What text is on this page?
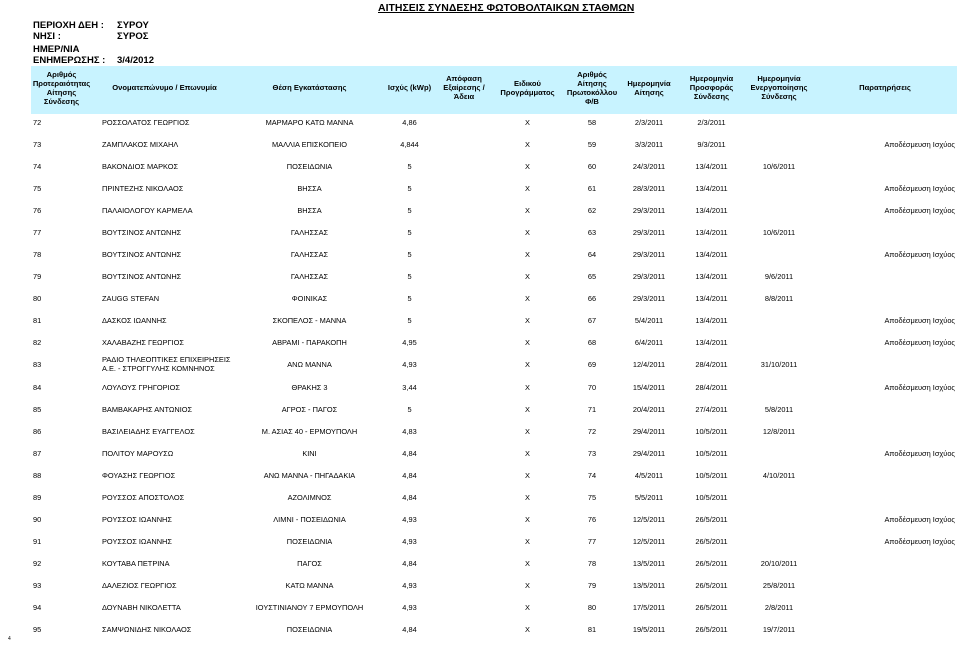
ΑΙΤΗΣΕΙΣ ΣΥΝΔΕΣΗΣ ΦΩΤΟΒΟΛΤΑΙΚΩΝ ΣΤΑΘΜΩΝ
ΠΕΡΙΟΧΗ ΔΕΗ : ΣΥΡΟΥ
ΝΗΣΙ :	ΣΥΡΟΣ
ΗΜΕΡ/ΝΙΑ
ΕΝΗΜΕΡΩΣΗΣ : 3/4/2012
Αριθμός Προτεραιότητας Αίτησης Σύνδεσης	Ονοματεπώνυμο / Επωνυμία	Θέση Εγκατάστασης	Ισχύς (kWp)	Απόφαση Εξαίρεσης / Άδεια	Ειδικού Προγράμματος	Αριθμός Αίτησης Πρωτοκόλλου Φ/Β	Ημερομηνία Αίτησης	Ημερομηνία Προσφοράς Σύνδεσης	Ημερομηνία Ενεργοποίησης Σύνδεσης	Παρατηρήσεις

72	ΡΟΣΣΟΛΑΤΟΣ ΓΕΩΡΓΙΟΣ	ΜΑΡΜΑΡΟ ΚΑΤΩ ΜΑΝΝΑ	4,86		Χ	58	2/3/2011	2/3/2011		

73	ΖΑΜΠΛΑΚΟΣ ΜΙΧΑΗΛ	ΜΑΛΛΙΑ ΕΠΙΣΚΟΠΕΙΟ	4,844		Χ	59	3/3/2011	9/3/2011		Αποδέσμευση Ισχύος

74	ΒΑΚΟΝΔΙΟΣ ΜΑΡΚΟΣ	ΠΟΣΕΙΔΩΝΙΑ	5		Χ	60	24/3/2011	13/4/2011	10/6/2011	

75	ΠΡΙΝΤΕΖΗΣ ΝΙΚΟΛΑΟΣ	ΒΗΣΣΑ	5		Χ	61	28/3/2011	13/4/2011		Αποδέσμευση Ισχύος

76	ΠΑΛΑΙΟΛΟΓΟΥ ΚΑΡΜΕΛΑ	ΒΗΣΣΑ	5		Χ	62	29/3/2011	13/4/2011		Αποδέσμευση Ισχύος

77	ΒΟΥΤΣΙΝΟΣ ΑΝΤΩΝΗΣ	ΓΑΛΗΣΣΑΣ	5		Χ	63	29/3/2011	13/4/2011	10/6/2011	

78	ΒΟΥΤΣΙΝΟΣ ΑΝΤΩΝΗΣ	ΓΑΛΗΣΣΑΣ	5		Χ	64	29/3/2011	13/4/2011		Αποδέσμευση Ισχύος

79	ΒΟΥΤΣΙΝΟΣ ΑΝΤΩΝΗΣ	ΓΑΛΗΣΣΑΣ	5		Χ	65	29/3/2011	13/4/2011	9/6/2011	

80	ZAUGG STEFAN	ΦΟΙΝΙΚΑΣ	5		Χ	66	29/3/2011	13/4/2011	8/8/2011	

81	ΔΑΣΚΟΣ ΙΩΑΝΝΗΣ	ΣΚΟΠΕΛΟΣ - ΜΑΝΝΑ	5		Χ	67	5/4/2011	13/4/2011		Αποδέσμευση Ισχύος

82	ΧΑΛΑΒΑΖΗΣ ΓΕΩΡΓΙΟΣ	ΑΒΡΑΜΙ - ΠΑΡΑΚΟΠΗ	4,95		Χ	68	6/4/2011	13/4/2011		Αποδέσμευση Ισχύος

83	ΡΑΔΙΟ ΤΗΛΕΟΠΤΙΚΕΣ ΕΠΙΧΕΙΡΗΣΕΙΣ Α.Ε. - ΣΤΡΟΓΓΥΛΗΣ ΚΟΜΝΗΝΟΣ	ΑΝΩ ΜΑΝΝΑ	4,93		Χ	69	12/4/2011	28/4/2011	31/10/2011	

84	ΛΟΥΛΟΥΣ ΓΡΗΓΟΡΙΟΣ	ΘΡΑΚΗΣ 3	3,44		Χ	70	15/4/2011	28/4/2011		Αποδέσμευση Ισχύος

85	ΒΑΜΒΑΚΑΡΗΣ ΑΝΤΩΝΙΟΣ	ΑΓΡΟΣ - ΠΑΓΟΣ	5		Χ	71	20/4/2011	27/4/2011	5/8/2011	

86	ΒΑΣΙΛΕΙΑΔΗΣ ΕΥΑΓΓΕΛΟΣ	Μ. ΑΣΙΑΣ 40 - ΕΡΜΟΥΠΟΛΗ	4,83		Χ	72	29/4/2011	10/5/2011	12/8/2011	

87	ΠΟΛΙΤΟΥ ΜΑΡΟΥΣΩ	ΚΙΝΙ	4,84		Χ	73	29/4/2011	10/5/2011		Αποδέσμευση Ισχύος

88	ΦΟΥΑΣΗΣ ΓΕΩΡΓΙΟΣ	ΑΝΩ ΜΑΝΝΑ - ΠΗΓΑΔΑΚΙΑ	4,84		Χ	74	4/5/2011	10/5/2011	4/10/2011	

89	ΡΟΥΣΣΟΣ ΑΠΟΣΤΟΛΟΣ	ΑΖΟΛΙΜΝΟΣ	4,84		Χ	75	5/5/2011	10/5/2011		

90	ΡΟΥΣΣΟΣ ΙΩΑΝΝΗΣ	ΛΙΜΝΙ - ΠΟΣΕΙΔΩΝΙΑ	4,93		Χ	76	12/5/2011	26/5/2011		Αποδέσμευση Ισχύος

91	ΡΟΥΣΣΟΣ ΙΩΑΝΝΗΣ	ΠΟΣΕΙΔΩΝΙΑ	4,93		Χ	77	12/5/2011	26/5/2011		Αποδέσμευση Ισχύος

92	ΚΟΥΤΑΒΑ ΠΕΤΡΙΝΑ	ΠΑΓΟΣ	4,84		Χ	78	13/5/2011	26/5/2011	20/10/2011	

93	ΔΑΛΕΖΙΟΣ ΓΕΩΡΓΙΟΣ	ΚΑΤΩ ΜΑΝΝΑ	4,93		Χ	79	13/5/2011	26/5/2011	25/8/2011	

94	ΔΟΥΝΑΒΗ ΝΙΚΟΛΕΤΤΑ	ΙΟΥΣΤΙΝΙΑΝΟΥ 7 ΕΡΜΟΥΠΟΛΗ	4,93		Χ	80	17/5/2011	26/5/2011	2/8/2011	

95	ΣΑΜΨΩΝΙΔΗΣ ΝΙΚΟΛΑΟΣ	ΠΟΣΕΙΔΩΝΙΑ	4,84		Χ	81	19/5/2011	26/5/2011	19/7/2011	
4
